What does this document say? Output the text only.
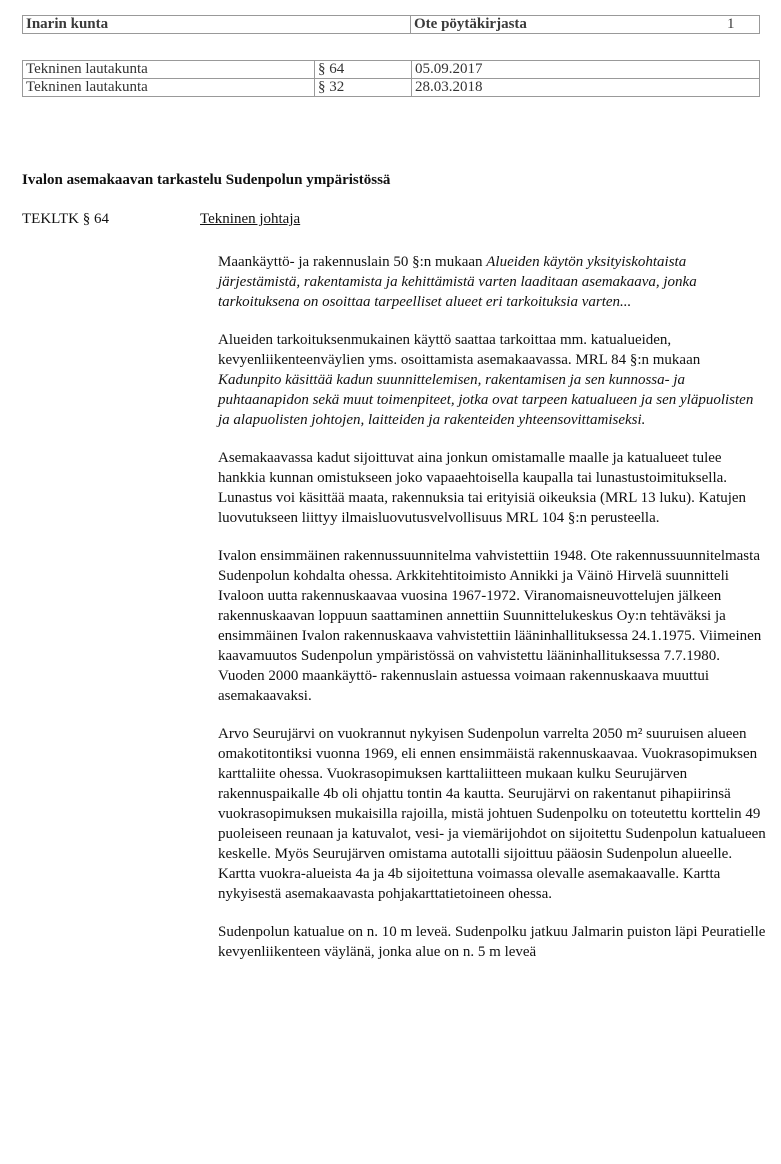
Inarin kunta	Ote pöytäkirjasta	1
Tekninen lautakunta	§ 64	05.09.2017
Tekninen lautakunta	§ 32	28.03.2018
Ivalon asemakaavan tarkastelu Sudenpolun ympäristössä
TEKLTK § 64	Tekninen johtaja

Maankäyttö- ja rakennuslain 50 §:n mukaan Alueiden käytön yksityiskohtaista järjestämistä, rakentamista ja kehittämistä varten laaditaan asemakaava, jonka tarkoituksena on osoittaa tarpeelliset alueet eri tarkoituksia varten...

Alueiden tarkoituksenmukainen käyttö saattaa tarkoittaa mm. katualueiden, kevyenliikenteenväylien yms. osoittamista asemakaavassa. MRL 84 §:n mukaan Kadunpito käsittää kadun suunnittelemisen, rakentamisen ja sen kunnossa- ja puhtaanapidon sekä muut toimenpiteet, jotka ovat tarpeen katualueen ja sen yläpuolisten ja alapuolisten johtojen, laitteiden ja rakenteiden yhteensovittamiseksi.

Asemakaavassa kadut sijoittuvat aina jonkun omistamalle maalle ja katualueet tulee hankkia kunnan omistukseen joko vapaaehtoisella kaupalla tai lunastustoimituksella. Lunastus voi käsittää maata, rakennuksia tai erityisiä oikeuksia (MRL 13 luku). Katujen luovutukseen liittyy ilmaisluovutusvelvollisuus MRL 104 §:n perusteella.

Ivalon ensimmäinen rakennussuunnitelma vahvistettiin 1948. Ote rakennussuunnitelmasta Sudenpolun kohdalta ohessa. Arkkitehtitoimisto Annikki ja Väinö Hirvelä suunnitteli Ivaloon uutta rakennuskaavaa vuosina 1967-1972. Viranomaisneuvottelujen jälkeen rakennuskaavan loppuun saattaminen annettiin Suunnittelukeskus Oy:n tehtäväksi ja ensimmäinen Ivalon rakennuskaava vahvistettiin lääninhallituksessa 24.1.1975. Viimeinen kaavamuutos Sudenpolun ympäristössä on vahvistettu lääninhallituksessa 7.7.1980. Vuoden 2000 maankäyttö- rakennuslain astuessa voimaan rakennuskaava muuttui asemakaavaksi.

Arvo Seurujärvi on vuokrannut nykyisen Sudenpolun varrelta 2050 m² suuruisen alueen omakotitontiksi vuonna 1969, eli ennen ensimmäistä rakennuskaavaa. Vuokrasopimuksen karttaliite ohessa. Vuokrasopimuksen karttaliitteen mukaan kulku Seurujärven rakennuspaikalle 4b oli ohjattu tontin 4a kautta. Seurujärvi on rakentanut pihapiirinsä vuokrasopimuksen mukaisilla rajoilla, mistä johtuen Sudenpolku on toteutettu korttelin 49 puoleiseen reunaan ja katuvalot, vesi- ja viemärijohdot on sijoitettu Sudenpolun katualueen keskelle. Myös Seurujärven omistama autotalli sijoittuu pääosin Sudenpolun alueelle. Kartta vuokra-alueista 4a ja 4b sijoitettuna voimassa olevalle asemakaavalle. Kartta nykyisestä asemakaavasta pohjakarttatietoineen ohessa.

Sudenpolun katualue on n. 10 m leveä. Sudenpolku jatkuu Jalmarin puiston läpi Peuratielle kevyenliikenteen väylänä, jonka alue on n. 5 m leveä
